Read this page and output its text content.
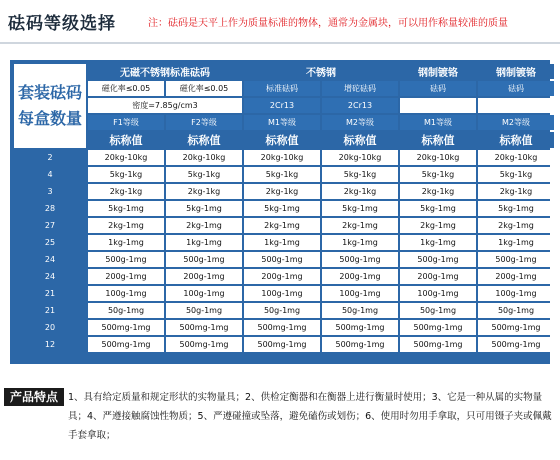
砝码等级选择	注：砝码是天平上作为质量标准的物体，通常为金属块，可以用作称量较准的质量
套装砝码
每盒数量	无磁不锈钢标准砝码		不锈钢		钢制镀铬	钢制镀铬
	磁化率≤0.05	磁化率≤0.05	标准砝码	增砣砝码	砝码	砝码
	密度=7.85g/cm3		2Cr13	2Cr13		
	F1等级	F2等级	M1等级	M2等级	M1等级	M2等级
	标称值	标称值	标称值	标称值	标称值	标称值
2	20kg-10kg	20kg-10kg	20kg-10kg	20kg-10kg	20kg-10kg	20kg-10kg
4	5kg-1kg	5kg-1kg	5kg-1kg	5kg-1kg	5kg-1kg	5kg-1kg
3	2kg-1kg	2kg-1kg	2kg-1kg	2kg-1kg	2kg-1kg	2kg-1kg
28	5kg-1mg	5kg-1mg	5kg-1mg	5kg-1mg	5kg-1mg	5kg-1mg
27	2kg-1mg	2kg-1mg	2kg-1mg	2kg-1mg	2kg-1mg	2kg-1mg
25	1kg-1mg	1kg-1mg	1kg-1mg	1kg-1mg	1kg-1mg	1kg-1mg
24	500g-1mg	500g-1mg	500g-1mg	500g-1mg	500g-1mg	500g-1mg
24	200g-1mg	200g-1mg	200g-1mg	200g-1mg	200g-1mg	200g-1mg
21	100g-1mg	100g-1mg	100g-1mg	100g-1mg	100g-1mg	100g-1mg
21	50g-1mg	50g-1mg	50g-1mg	50g-1mg	50g-1mg	50g-1mg
20	500mg-1mg	500mg-1mg	500mg-1mg	500mg-1mg	500mg-1mg	500mg-1mg
12	500mg-1mg	500mg-1mg	500mg-1mg	500mg-1mg	500mg-1mg	500mg-1mg
产品特点	1、具有给定质量和规定形状的实物量具；2、供检定衡器和在衡器上进行衡量时使用；3、它是一种从属的实物量具；4、严遵接触腐蚀性物质；5、严遵碰撞或坠落，避免磕伤或划伤；6、使用时勿用手拿取，只可用镊子夹或佩戴手套拿取；
